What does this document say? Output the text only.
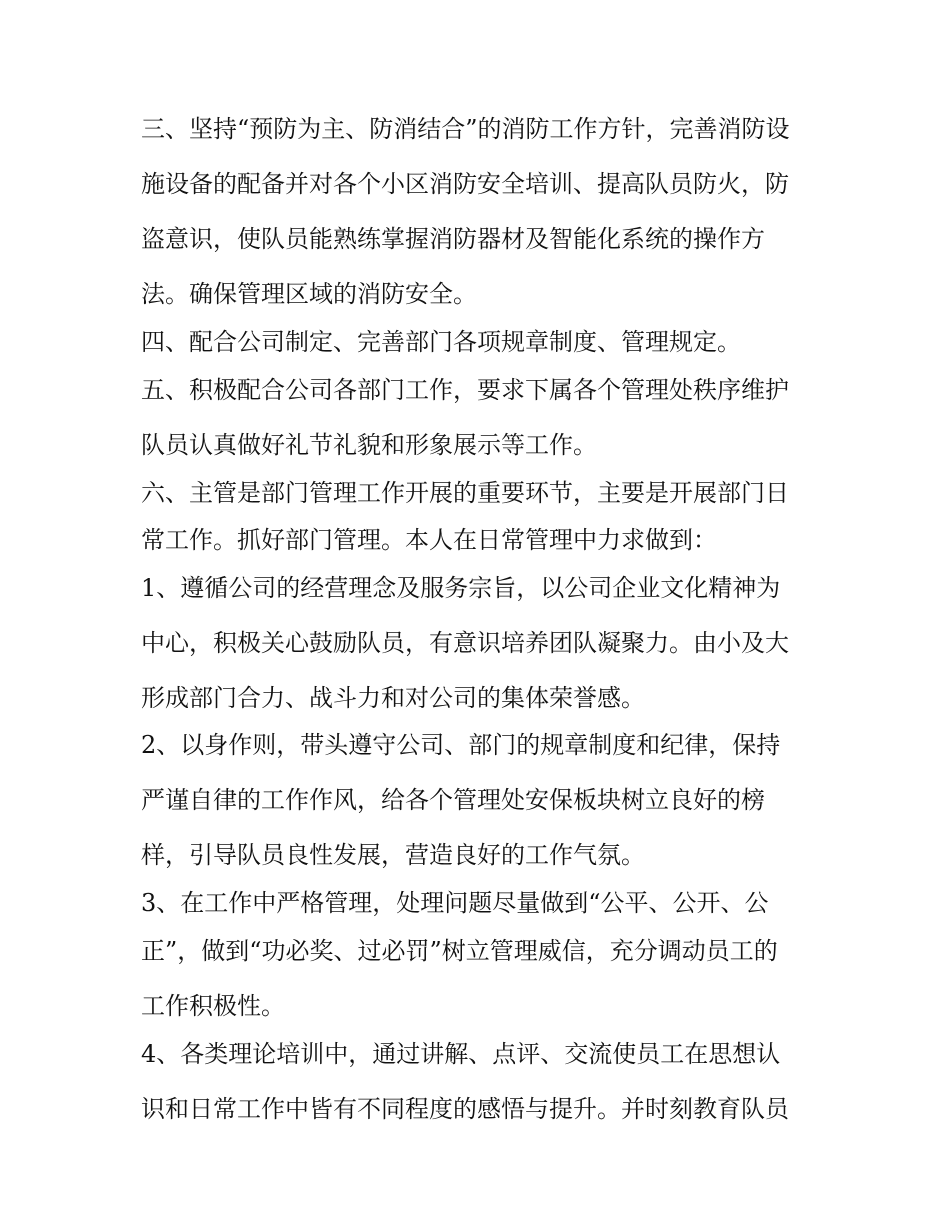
三、坚持“预防为主、防消结合”的消防工作方针，完善消防设
施设备的配备并对各个小区消防安全培训、提高队员防火，防
盗意识，使队员能熟练掌握消防器材及智能化系统的操作方
法。确保管理区域的消防安全。
四、配合公司制定、完善部门各项规章制度、管理规定。
五、积极配合公司各部门工作，要求下属各个管理处秩序维护
队员认真做好礼节礼貌和形象展示等工作。
六、主管是部门管理工作开展的重要环节，主要是开展部门日
常工作。抓好部门管理。本人在日常管理中力求做到：
1、遵循公司的经营理念及服务宗旨，以公司企业文化精神为
中心，积极关心鼓励队员，有意识培养团队凝聚力。由小及大
形成部门合力、战斗力和对公司的集体荣誉感。
2、以身作则，带头遵守公司、部门的规章制度和纪律，保持
严谨自律的工作作风，给各个管理处安保板块树立良好的榜
样，引导队员良性发展，营造良好的工作气氛。
3、在工作中严格管理，处理问题尽量做到“公平、公开、公
正”，做到“功必奖、过必罚”树立管理威信，充分调动员工的
工作积极性。
4、各类理论培训中，通过讲解、点评、交流使员工在思想认
识和日常工作中皆有不同程度的感悟与提升。并时刻教育队员
